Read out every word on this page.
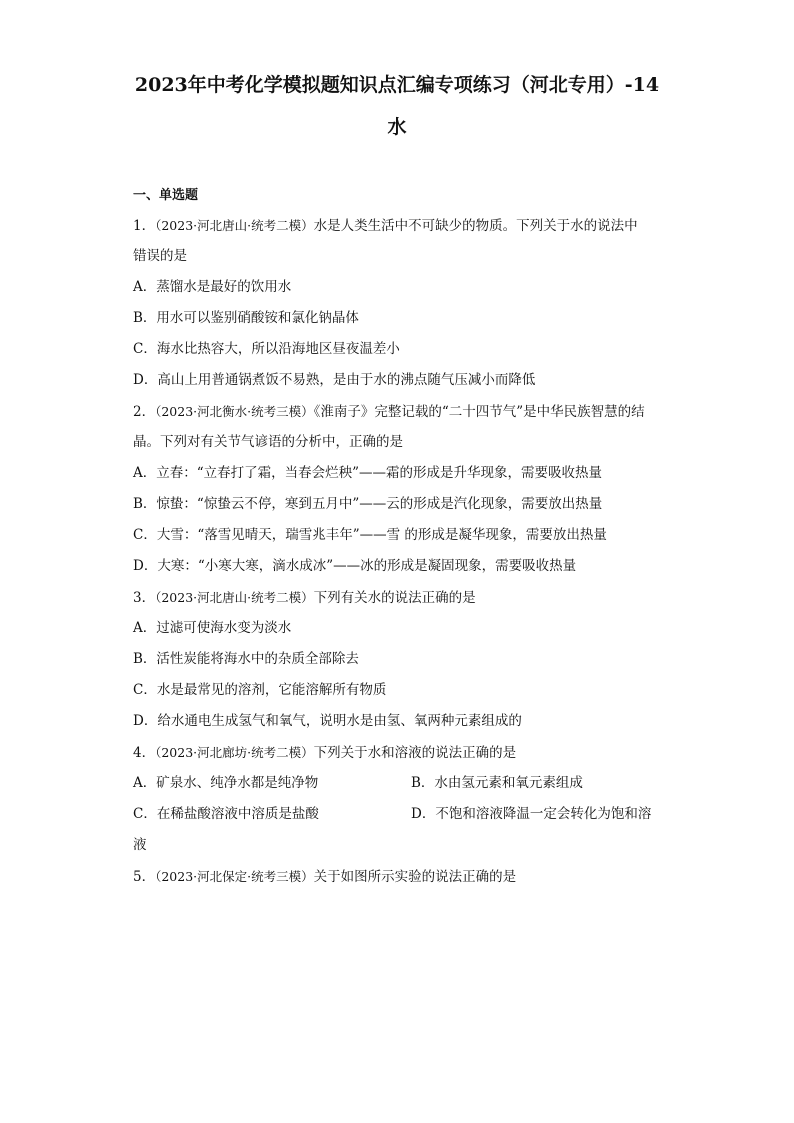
2023年中考化学模拟题知识点汇编专项练习（河北专用）-14
水
一、单选题
1．（2023·河北唐山·统考二模）水是人类生活中不可缺少的物质。下列关于水的说法中
错误的是
A．蒸馏水是最好的饮用水
B．用水可以鉴别硝酸铵和氯化钠晶体
C．海水比热容大，所以沿海地区昼夜温差小
D．高山上用普通锅煮饭不易熟，是由于水的沸点随气压减小而降低
2．（2023·河北衡水·统考三模）《淮南子》完整记载的“二十四节气”是中华民族智慧的结
晶。下列对有关节气谚语的分析中，正确的是
A．立春：“立春打了霜，当春会烂秧”——霜的形成是升华现象，需要吸收热量
B．惊蛰：“惊蛰云不停，寒到五月中”——云的形成是汽化现象，需要放出热量
C．大雪：“落雪见晴天，瑞雪兆丰年”——雪 的形成是凝华现象，需要放出热量
D．大寒：“小寒大寒，滴水成冰”——冰的形成是凝固现象，需要吸收热量
3．（2023·河北唐山·统考二模）下列有关水的说法正确的是
A．过滤可使海水变为淡水
B．活性炭能将海水中的杂质全部除去
C．水是最常见的溶剂，它能溶解所有物质
D．给水通电生成氢气和氧气，说明水是由氢、氧两种元素组成的
4．（2023·河北廊坊·统考二模）下列关于水和溶液的说法正确的是
A．矿泉水、纯净水都是纯净物	B．水由氢元素和氧元素组成
C．在稀盐酸溶液中溶质是盐酸	D．不饱和溶液降温一定会转化为饱和溶
液
5．（2023·河北保定·统考三模）关于如图所示实验的说法正确的是
